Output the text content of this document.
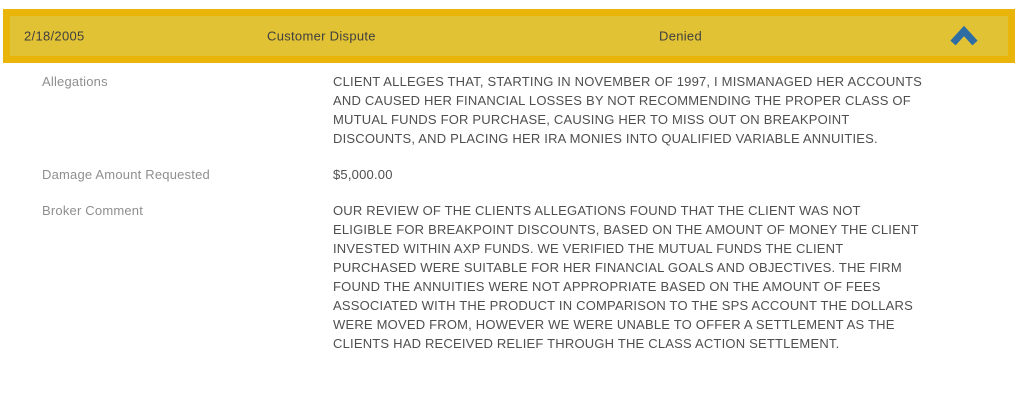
2/18/2005	Customer Dispute	Denied
Allegations	CLIENT ALLEGES THAT, STARTING IN NOVEMBER OF 1997, I MISMANAGED HER ACCOUNTS AND CAUSED HER FINANCIAL LOSSES BY NOT RECOMMENDING THE PROPER CLASS OF MUTUAL FUNDS FOR PURCHASE, CAUSING HER TO MISS OUT ON BREAKPOINT DISCOUNTS, AND PLACING HER IRA MONIES INTO QUALIFIED VARIABLE ANNUITIES.
Damage Amount Requested	$5,000.00
Broker Comment	OUR REVIEW OF THE CLIENTS ALLEGATIONS FOUND THAT THE CLIENT WAS NOT ELIGIBLE FOR BREAKPOINT DISCOUNTS, BASED ON THE AMOUNT OF MONEY THE CLIENT INVESTED WITHIN AXP FUNDS. WE VERIFIED THE MUTUAL FUNDS THE CLIENT PURCHASED WERE SUITABLE FOR HER FINANCIAL GOALS AND OBJECTIVES. THE FIRM FOUND THE ANNUITIES WERE NOT APPROPRIATE BASED ON THE AMOUNT OF FEES ASSOCIATED WITH THE PRODUCT IN COMPARISON TO THE SPS ACCOUNT THE DOLLARS WERE MOVED FROM, HOWEVER WE WERE UNABLE TO OFFER A SETTLEMENT AS THE CLIENTS HAD RECEIVED RELIEF THROUGH THE CLASS ACTION SETTLEMENT.
